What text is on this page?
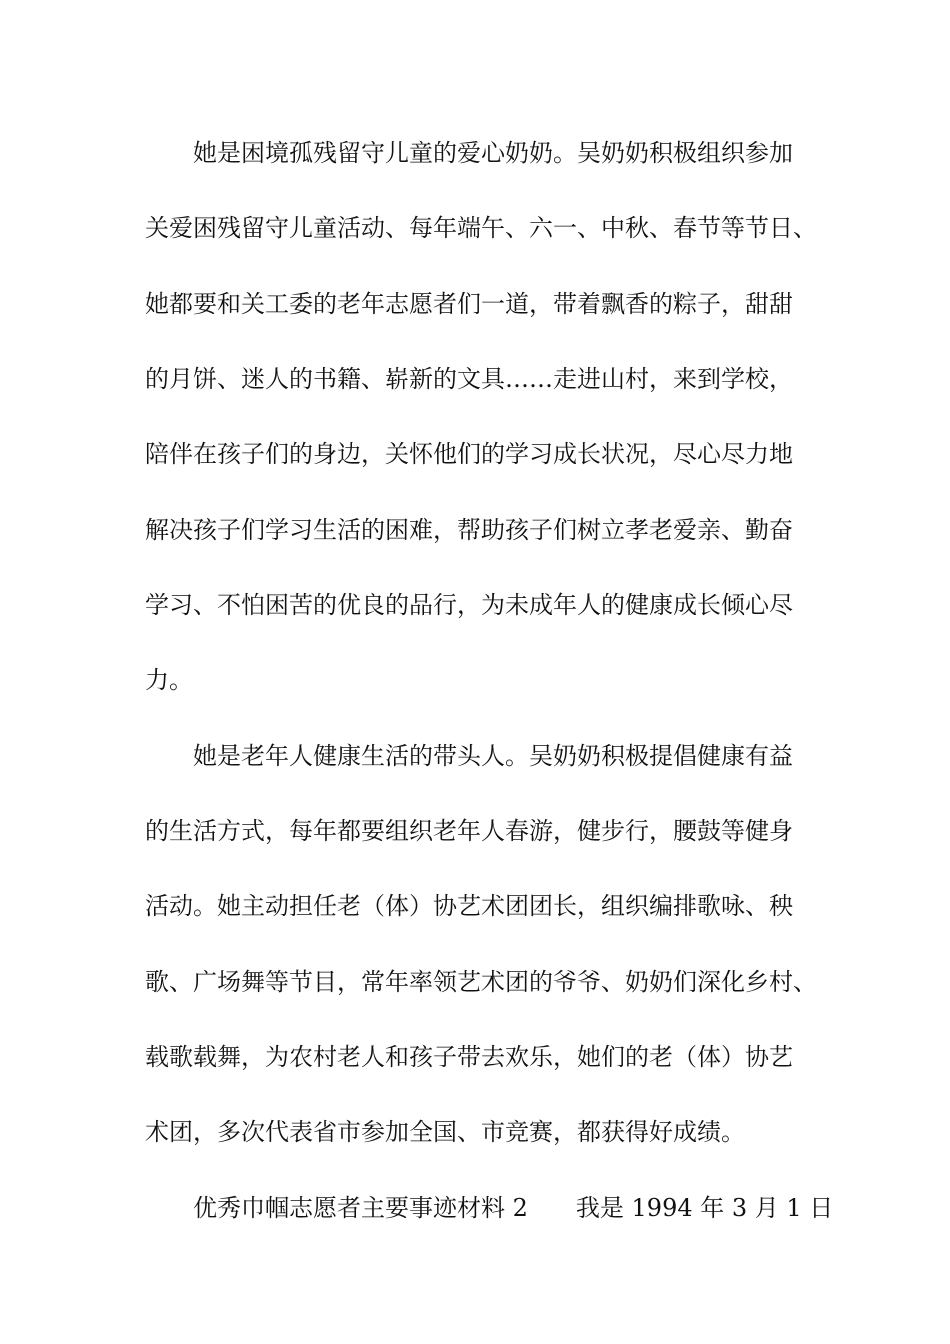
　　她是困境孤残留守儿童的爱心奶奶。吴奶奶积极组织参加
关爱困残留守儿童活动、每年端午、六一、中秋、春节等节日、
她都要和关工委的老年志愿者们一道，带着飘香的粽子，甜甜
的月饼、迷人的书籍、崭新的文具……走进山村，来到学校，
陪伴在孩子们的身边，关怀他们的学习成长状况，尽心尽力地
解决孩子们学习生活的困难，帮助孩子们树立孝老爱亲、勤奋
学习、不怕困苦的优良的品行，为未成年人的健康成长倾心尽
力。
　　她是老年人健康生活的带头人。吴奶奶积极提倡健康有益
的生活方式，每年都要组织老年人春游，健步行，腰鼓等健身
活动。她主动担任老（体）协艺术团团长，组织编排歌咏、秧
歌、广场舞等节目，常年率领艺术团的爷爷、奶奶们深化乡村、
载歌载舞，为农村老人和孩子带去欢乐，她们的老（体）协艺
术团，多次代表省市参加全国、市竞赛，都获得好成绩。
　　优秀巾帼志愿者主要事迹材料 2　　我是 1994 年 3 月 1 日
